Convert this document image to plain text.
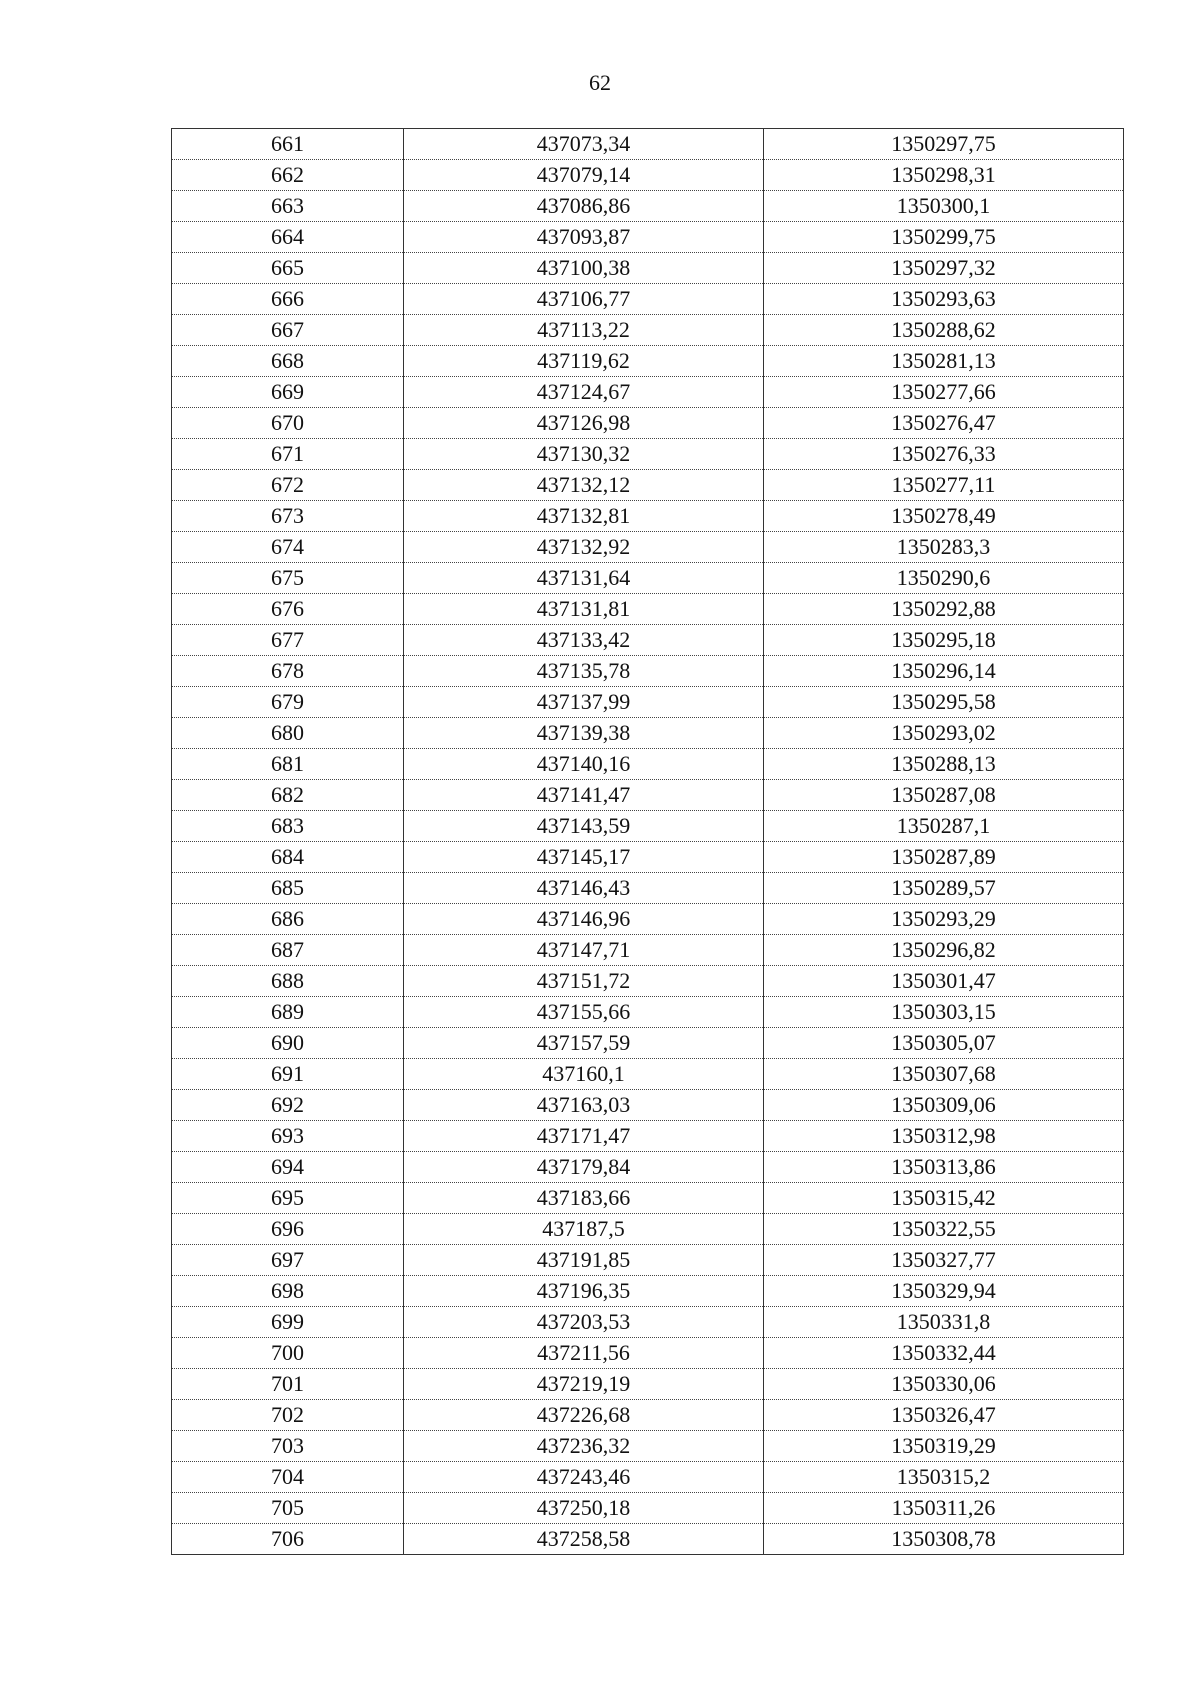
62
661	437073,34	1350297,75
662	437079,14	1350298,31
663	437086,86	1350300,1
664	437093,87	1350299,75
665	437100,38	1350297,32
666	437106,77	1350293,63
667	437113,22	1350288,62
668	437119,62	1350281,13
669	437124,67	1350277,66
670	437126,98	1350276,47
671	437130,32	1350276,33
672	437132,12	1350277,11
673	437132,81	1350278,49
674	437132,92	1350283,3
675	437131,64	1350290,6
676	437131,81	1350292,88
677	437133,42	1350295,18
678	437135,78	1350296,14
679	437137,99	1350295,58
680	437139,38	1350293,02
681	437140,16	1350288,13
682	437141,47	1350287,08
683	437143,59	1350287,1
684	437145,17	1350287,89
685	437146,43	1350289,57
686	437146,96	1350293,29
687	437147,71	1350296,82
688	437151,72	1350301,47
689	437155,66	1350303,15
690	437157,59	1350305,07
691	437160,1	1350307,68
692	437163,03	1350309,06
693	437171,47	1350312,98
694	437179,84	1350313,86
695	437183,66	1350315,42
696	437187,5	1350322,55
697	437191,85	1350327,77
698	437196,35	1350329,94
699	437203,53	1350331,8
700	437211,56	1350332,44
701	437219,19	1350330,06
702	437226,68	1350326,47
703	437236,32	1350319,29
704	437243,46	1350315,2
705	437250,18	1350311,26
706	437258,58	1350308,78
